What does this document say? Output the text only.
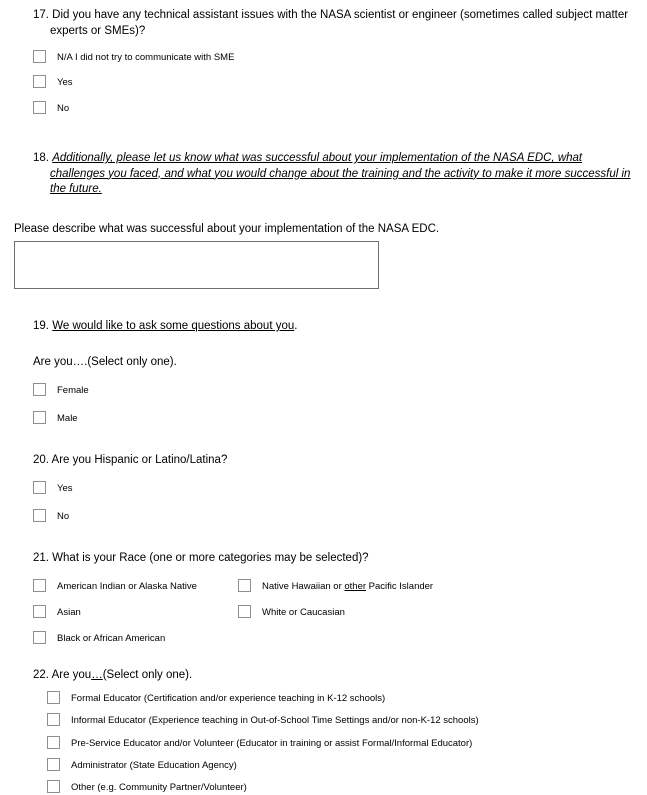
17. Did you have any technical assistant issues with the NASA scientist or engineer (sometimes called subject matter experts or SMEs)?

N/A I did not try to communicate with SME
Yes
No

18. Additionally, please let us know what was successful about your implementation of the NASA EDC, what challenges you faced, and what you would change about the training and the activity to make it more successful in the future.

Please describe what was successful about your implementation of the NASA EDC.

19. We would like to ask some questions about you.

Are you….(Select only one).

Female
Male

20. Are you Hispanic or Latino/Latina?

Yes
No

21. What is your Race (one or more categories may be selected)?

American Indian or Alaska Native	Native Hawaiian or other Pacific Islander
Asian	White or Caucasian
Black or African American

22. Are you…(Select only one).

Formal Educator (Certification and/or experience teaching in K-12 schools)
Informal Educator (Experience teaching in Out-of-School Time Settings and/or non-K-12 schools)
Pre-Service Educator and/or Volunteer (Educator in training or assist Formal/Informal Educator)
Administrator (State Education Agency)
Other (e.g. Community Partner/Volunteer)
